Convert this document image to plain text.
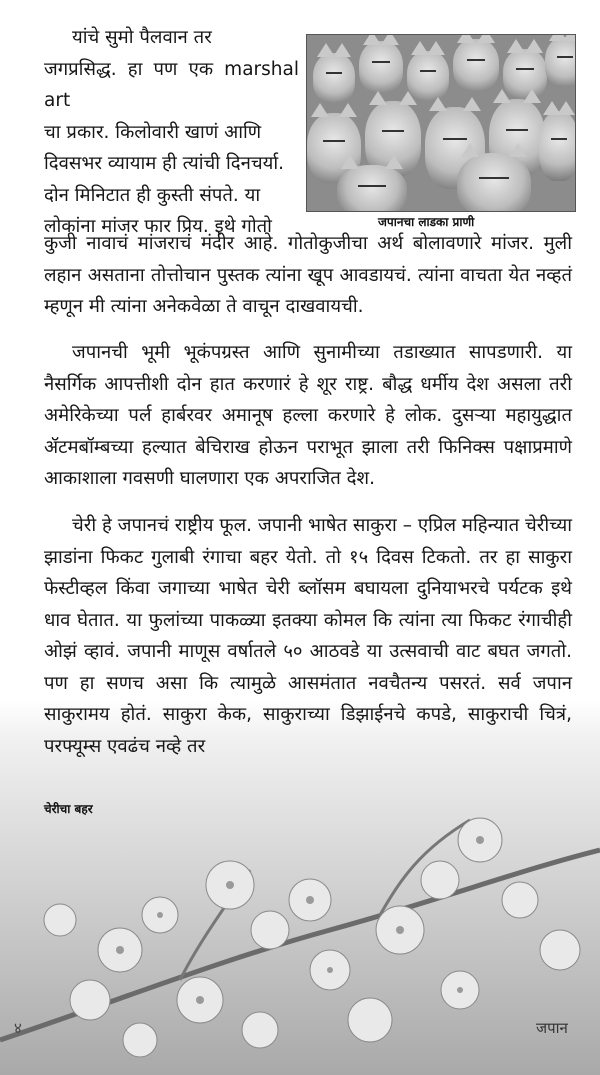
यांचे सुमो पैलवान तर

जगप्रसिद्ध. हा पण एक marshal art
चा प्रकार. किलोवारी खाणं आणि
दिवसभर व्यायाम ही त्यांची दिनचर्या.
दोन मिनिटात ही कुस्ती संपते. या
लोकांना मांजर फार प्रिय. इथे गोतो	जपानचा लाडका प्राणी

कुजी नावाचं मांजराचं मंदीर आहे. गोतोकुजीचा अर्थ बोलावणारे मांजर. मुली लहान असताना तोत्तोचान पुस्तक त्यांना खूप आवडायचं. त्यांना वाचता येत नव्हतं म्हणून मी त्यांना अनेकवेळा ते वाचून दाखवायची.

जपानची भूमी भूकंपग्रस्त आणि सुनामीच्या तडाख्यात सापडणारी. या नैसर्गिक आपत्तीशी दोन हात करणारं हे शूर राष्ट्र. बौद्ध धर्मीय देश असला तरी अमेरिकेच्या पर्ल हार्बरवर अमानूष हल्ला करणारे हे लोक. दुसऱ्या महायुद्धात ॲटमबॉम्बच्या हल्यात बेचिराख होऊन पराभूत झाला तरी फिनिक्स पक्षाप्रमाणे आकाशाला गवसणी घालणारा एक अपराजित देश.

चेरी हे जपानचं राष्ट्रीय फूल. जपानी भाषेत साकुरा – एप्रिल महिन्यात चेरीच्या झाडांना फिकट गुलाबी रंगाचा बहर येतो. तो १५ दिवस टिकतो. तर हा साकुरा फेस्टीव्हल किंवा जगाच्या भाषेत चेरी ब्लॉसम बघायला दुनियाभरचे पर्यटक इथे धाव घेतात. या फुलांच्या पाकळ्या इतक्या कोमल कि त्यांना त्या फिकट रंगाचीही ओझं व्हावं. जपानी माणूस वर्षातले ५० आठवडे या उत्सवाची वाट बघत जगतो. पण हा सणच असा कि त्यामुळे आसमंतात नवचैतन्य पसरतं. सर्व जपान साकुरामय होतं. साकुरा केक, साकुराच्या डिझाईनचे कपडे, साकुराची चित्रं, परफ्यूम्स एवढंच नव्हे तर

चेरीचा बहर
४	जपान
